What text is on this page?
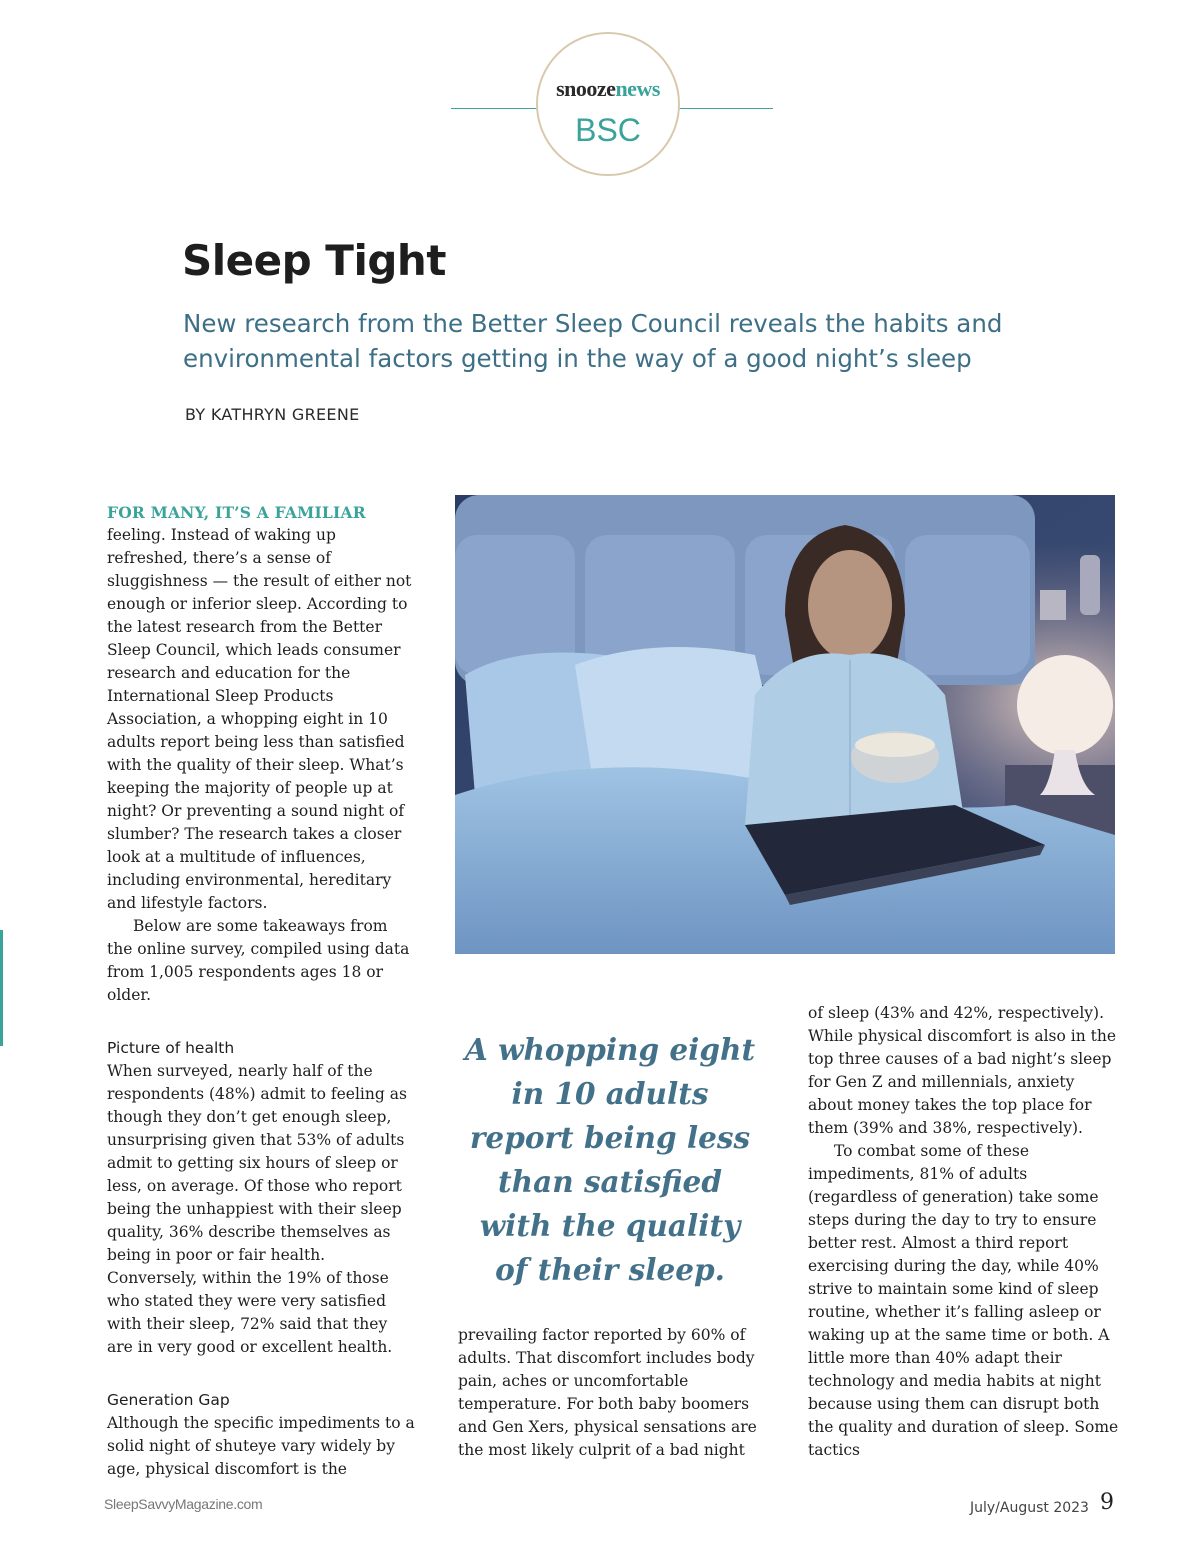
snoozenews
BSC
Sleep Tight
New research from the Better Sleep Council reveals the habits and environmental factors getting in the way of a good night’s sleep
BY KATHRYN GREENE
FOR MANY, IT’S A FAMILIAR

feeling. Instead of waking up refreshed, there’s a sense of sluggishness — the result of either not enough or inferior sleep. According to the latest research from the Better Sleep Council, which leads consumer research and education for the International Sleep Products Association, a whopping eight in 10 adults report being less than satisfied with the quality of their sleep. What’s keeping the majority of people up at night? Or preventing a sound night of slumber? The research takes a closer look at a multitude of influences, including environmental, hereditary and lifestyle factors.

Below are some takeaways from the online survey, compiled using data from 1,005 respondents ages 18 or older.

Picture of health

When surveyed, nearly half of the respondents (48%) admit to feeling as though they don’t get enough sleep, unsurprising given that 53% of adults admit to getting six hours of sleep or less, on average. Of those who report being the unhappiest with their sleep quality, 36% describe themselves as being in poor or fair health. Conversely, within the 19% of those who stated they were very satisfied with their sleep, 72% said that they are in very good or excellent health.

Generation Gap

Although the specific impediments to a solid night of shuteye vary widely by age, physical discomfort is the

A whopping eight in 10 adults report being less than satisfied with the quality of their sleep.

prevailing factor reported by 60% of adults. That discomfort includes body pain, aches or uncomfortable temperature. For both baby boomers and Gen Xers, physical sensations are the most likely culprit of a bad night

of sleep (43% and 42%, respectively). While physical discomfort is also in the top three causes of a bad night’s sleep for Gen Z and millennials, anxiety about money takes the top place for them (39% and 38%, respectively).

To combat some of these impediments, 81% of adults (regardless of generation) take some steps during the day to try to ensure better rest. Almost a third report exercising during the day, while 40% strive to maintain some kind of sleep routine, whether it’s falling asleep or waking up at the same time or both. A little more than 40% adapt their technology and media habits at night because using them can disrupt both the quality and duration of sleep. Some tactics

SleepSavvyMagazine.com	July/August 2023 9
